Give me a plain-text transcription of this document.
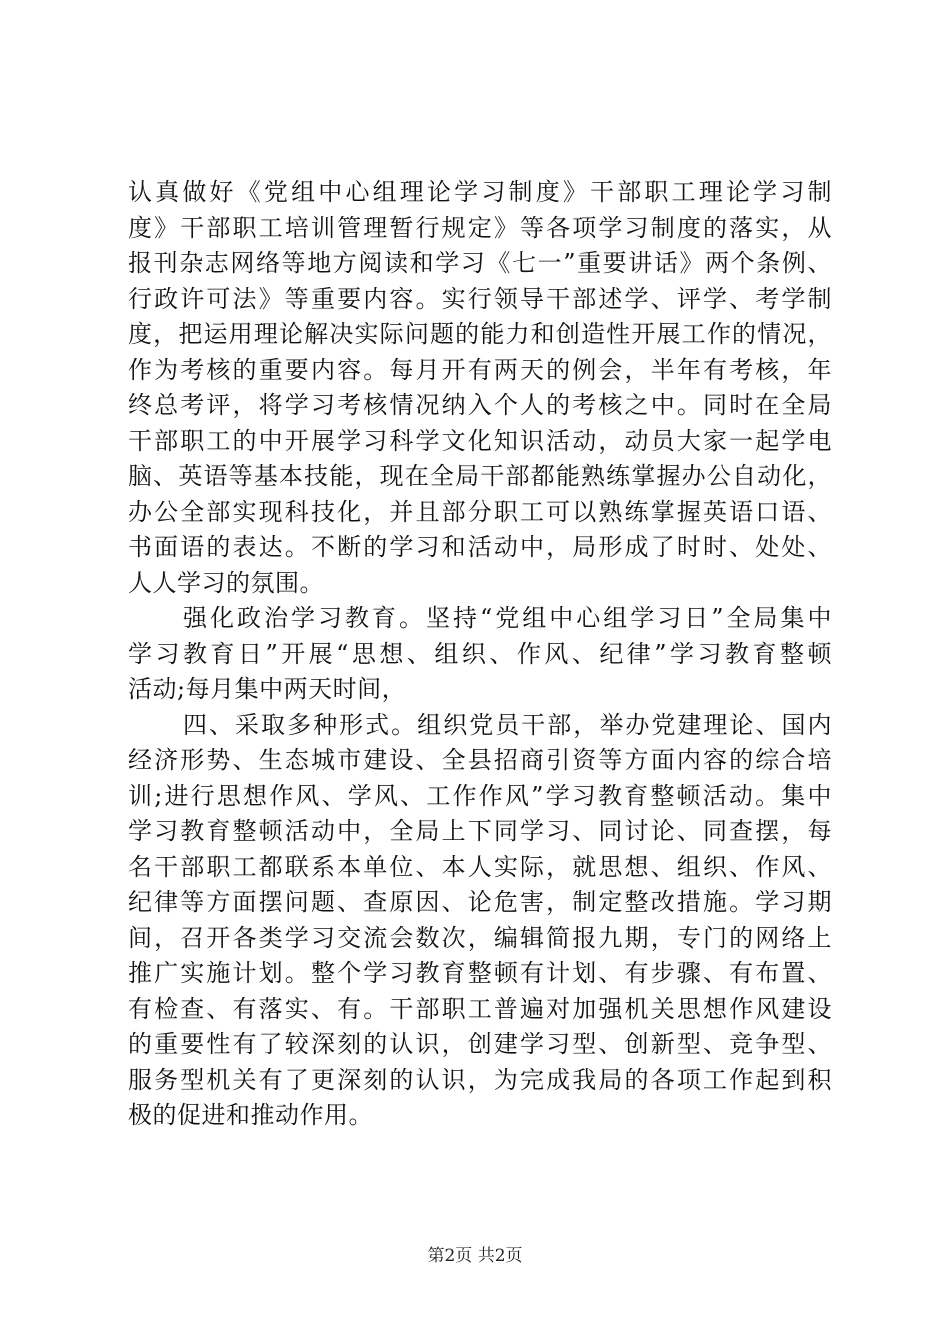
认真做好《党组中心组理论学习制度》干部职工理论学习制
度》干部职工培训管理暂行规定》等各项学习制度的落实，从
报刊杂志网络等地方阅读和学习《七一”重要讲话》两个条例、
行政许可法》等重要内容。实行领导干部述学、评学、考学制
度，把运用理论解决实际问题的能力和创造性开展工作的情况，
作为考核的重要内容。每月开有两天的例会，半年有考核，年
终总考评，将学习考核情况纳入个人的考核之中。同时在全局
干部职工的中开展学习科学文化知识活动，动员大家一起学电
脑、英语等基本技能，现在全局干部都能熟练掌握办公自动化，
办公全部实现科技化，并且部分职工可以熟练掌握英语口语、
书面语的表达。不断的学习和活动中，局形成了时时、处处、
人人学习的氛围。
强化政治学习教育。坚持“党组中心组学习日”全局集中
学习教育日”开展“思想、组织、作风、纪律”学习教育整顿
活动;每月集中两天时间，
四、采取多种形式。组织党员干部，举办党建理论、国内
经济形势、生态城市建设、全县招商引资等方面内容的综合培
训;进行思想作风、学风、工作作风”学习教育整顿活动。集中
学习教育整顿活动中，全局上下同学习、同讨论、同查摆，每
名干部职工都联系本单位、本人实际，就思想、组织、作风、
纪律等方面摆问题、查原因、论危害，制定整改措施。学习期
间，召开各类学习交流会数次，编辑简报九期，专门的网络上
推广实施计划。整个学习教育整顿有计划、有步骤、有布置、
有检查、有落实、有。干部职工普遍对加强机关思想作风建设
的重要性有了较深刻的认识，创建学习型、创新型、竞争型、
服务型机关有了更深刻的认识，为完成我局的各项工作起到积
极的促进和推动作用。
第2页 共2页
